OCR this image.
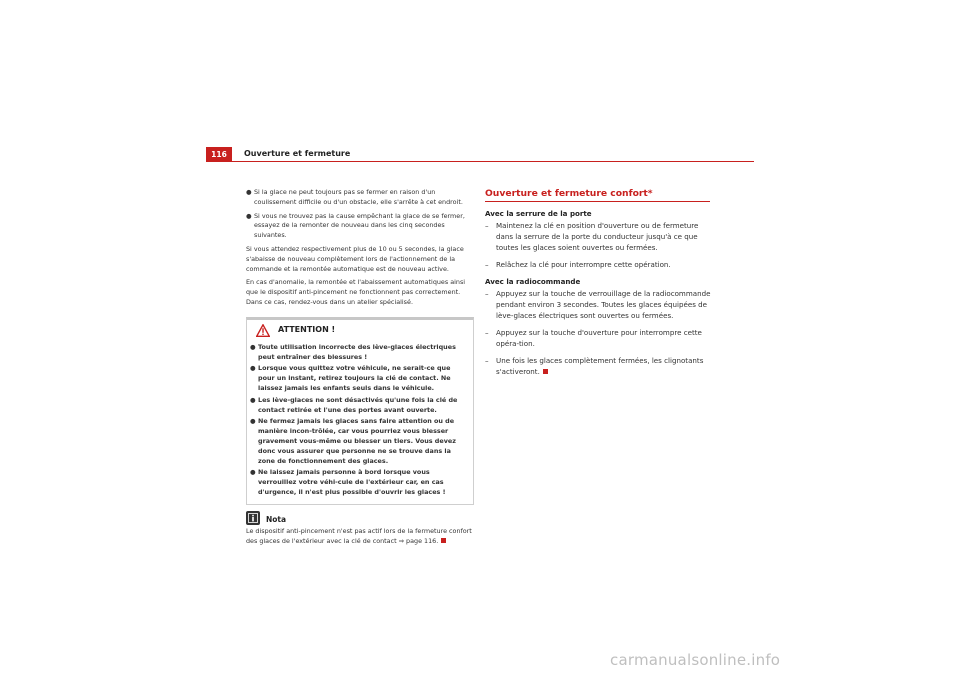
116	Ouverture et fermeture
● Si la glace ne peut toujours pas se fermer en raison d'un coulissement difficile ou d'un obstacle, elle s'arrête à cet endroit.
● Si vous ne trouvez pas la cause empêchant la glace de se fermer, essayez de la remonter de nouveau dans les cinq secondes suivantes.
Si vous attendez respectivement plus de 10 ou 5 secondes, la glace s'abaisse de nouveau complètement lors de l'actionnement de la commande et la remontée automatique est de nouveau active.
En cas d'anomalie, la remontée et l'abaissement automatiques ainsi que le dispositif anti-pincement ne fonctionnent pas correctement. Dans ce cas, rendez-vous dans un atelier spécialisé.
ATTENTION !
● Toute utilisation incorrecte des lève-glaces électriques peut entraîner des blessures !
● Lorsque vous quittez votre véhicule, ne serait-ce que pour un instant, retirez toujours la clé de contact. Ne laissez jamais les enfants seuls dans le véhicule.
● Les lève-glaces ne sont désactivés qu'une fois la clé de contact retirée et l'une des portes avant ouverte.
● Ne fermez jamais les glaces sans faire attention ou de manière incon-trôlée, car vous pourriez vous blesser gravement vous-même ou blesser un tiers. Vous devez donc vous assurer que personne ne se trouve dans la zone de fonctionnement des glaces.
● Ne laissez jamais personne à bord lorsque vous verrouillez votre véhi-cule de l'extérieur car, en cas d'urgence, il n'est plus possible d'ouvrir les glaces !
Nota
Le dispositif anti-pincement n'est pas actif lors de la fermeture confort des glaces de l'extérieur avec la clé de contact ⇒ page 116.
Ouverture et fermeture confort*
Avec la serrure de la porte
–	Maintenez la clé en position d'ouverture ou de fermeture dans la serrure de la porte du conducteur jusqu'à ce que toutes les glaces soient ouvertes ou fermées.
–	Relâchez la clé pour interrompre cette opération.
Avec la radiocommande
–	Appuyez sur la touche de verrouillage de la radiocommande pendant environ 3 secondes. Toutes les glaces équipées de lève-glaces électriques sont ouvertes ou fermées.
–	Appuyez sur la touche d'ouverture pour interrompre cette opéra-tion.
–	Une fois les glaces complètement fermées, les clignotants s'activeront.
carmanualsonline.info
